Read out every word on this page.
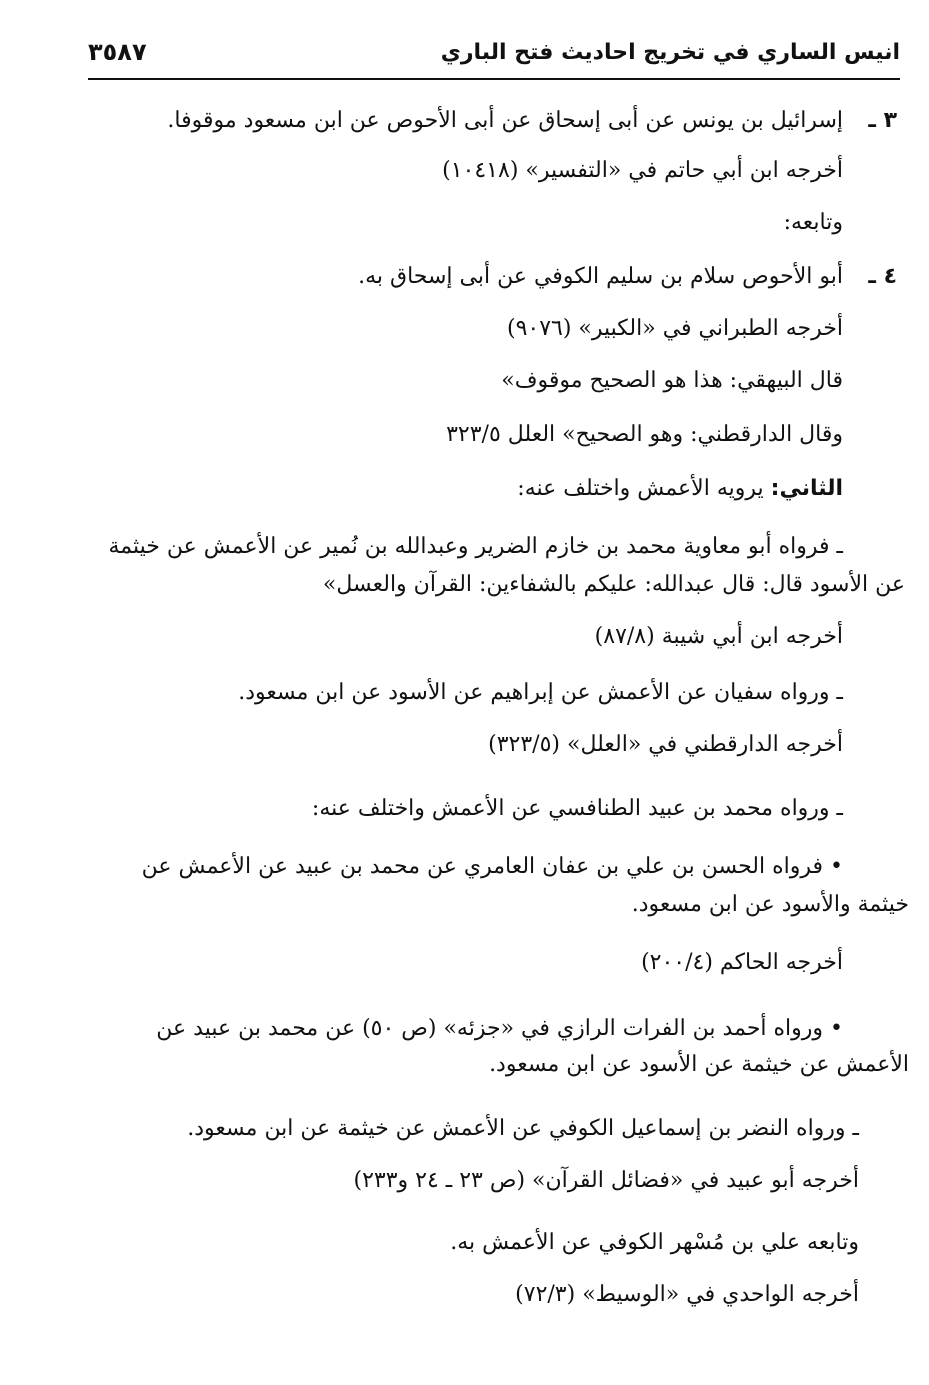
انيس الساري في تخريج احاديث فتح الباري
٣٥٨٧
٣ ـ
إسرائيل بن يونس عن أبى إسحاق عن أبى الأحوص عن ابن مسعود موقوفا.
أخرجه ابن أبي حاتم في «التفسير» (١٠٤١٨)
وتابعه:
٤ ـ
أبو الأحوص سلام بن سليم الكوفي عن أبى إسحاق به.
أخرجه الطبراني في «الكبير» (٩٠٧٦)
قال البيهقي: هذا هو الصحيح موقوف»
وقال الدارقطني: وهو الصحيح» العلل ٣٢٣/٥
الثاني: يرويه الأعمش واختلف عنه:
ـ فرواه أبو معاوية محمد بن خازم الضرير وعبدالله بن نُمير عن الأعمش عن خيثمة
عن الأسود قال: قال عبدالله: عليكم بالشفاءين: القرآن والعسل»
أخرجه ابن أبي شيبة (٨٧/٨)
ـ ورواه سفيان عن الأعمش عن إبراهيم عن الأسود عن ابن مسعود.
أخرجه الدارقطني في «العلل» (٣٢٣/٥)
ـ ورواه محمد بن عبيد الطنافسي عن الأعمش واختلف عنه:
• فرواه الحسن بن علي بن عفان العامري عن محمد بن عبيد عن الأعمش عن
خيثمة والأسود عن ابن مسعود.
أخرجه الحاكم (٢٠٠/٤)
• ورواه أحمد بن الفرات الرازي في «جزئه» (ص ٥٠) عن محمد بن عبيد عن
الأعمش عن خيثمة عن الأسود عن ابن مسعود.
ـ ورواه النضر بن إسماعيل الكوفي عن الأعمش عن خيثمة عن ابن مسعود.
أخرجه أبو عبيد في «فضائل القرآن» (ص ٢٣ ـ ٢٤ و٢٣٣)
وتابعه علي بن مُسْهر الكوفي عن الأعمش به.
أخرجه الواحدي في «الوسيط» (٧٢/٣)
